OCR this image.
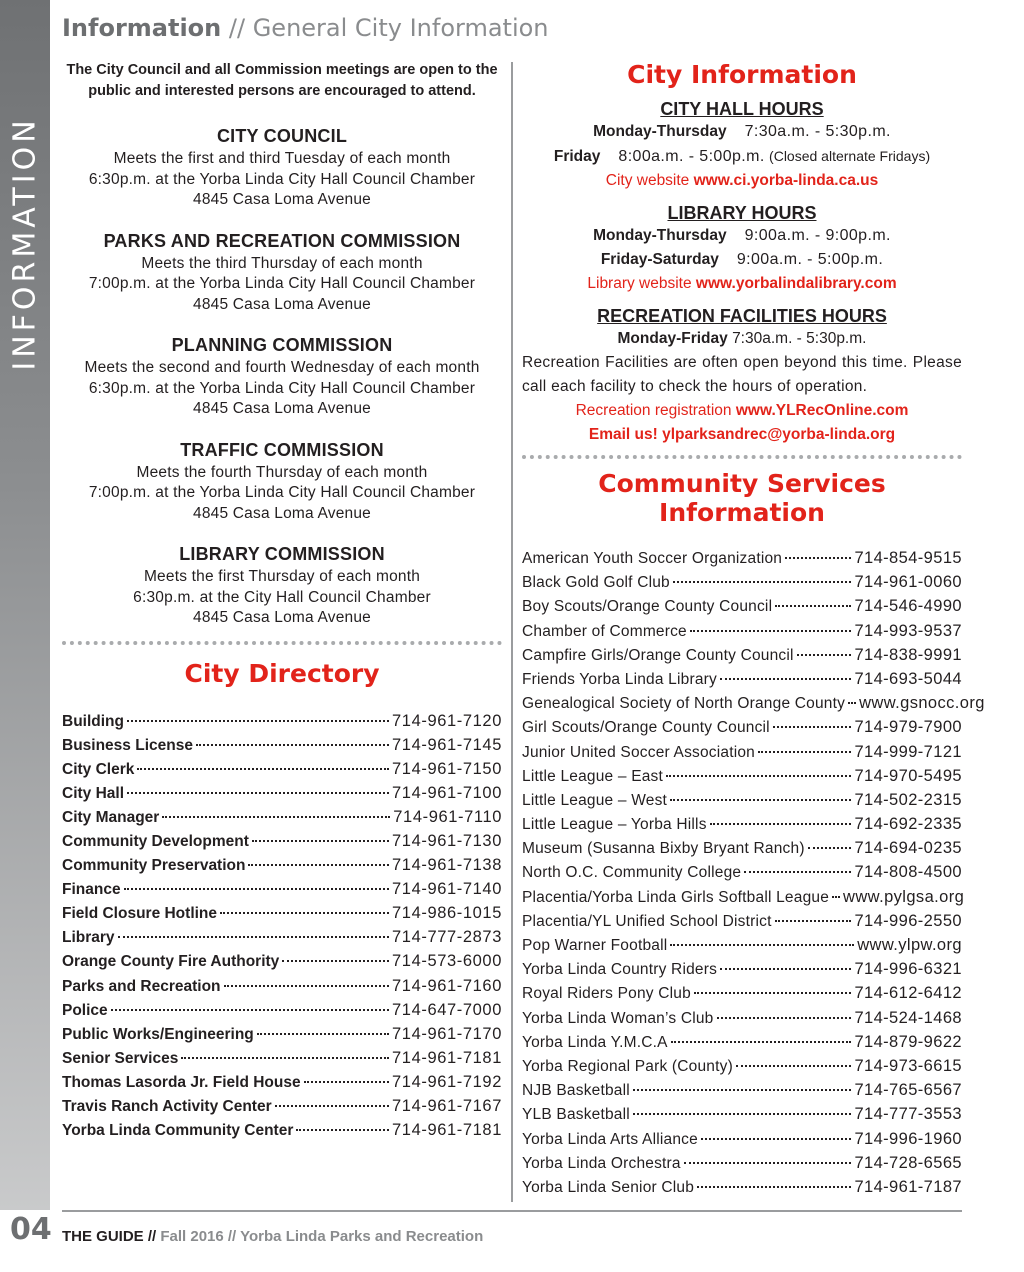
INFORMATION
Information // General City Information
The City Council and all Commission meetings are open to the public and interested persons are encouraged to attend.
CITY COUNCIL

Meets the first and third Tuesday of each month

6:30p.m. at the Yorba Linda City Hall Council Chamber

4845 Casa Loma Avenue

PARKS AND RECREATION COMMISSION

Meets the third Thursday of each month

7:00p.m. at the Yorba Linda City Hall Council Chamber

4845 Casa Loma Avenue

PLANNING COMMISSION

Meets the second and fourth Wednesday of each month

6:30p.m. at the Yorba Linda City Hall Council Chamber

4845 Casa Loma Avenue

TRAFFIC COMMISSION

Meets the fourth Thursday of each month

7:00p.m. at the Yorba Linda City Hall Council Chamber

4845 Casa Loma Avenue

LIBRARY COMMISSION

Meets the first Thursday of each month

6:30p.m. at the City Hall Council Chamber

4845 Casa Loma Avenue

City Directory
Building	714-961-7120
Business License	714-961-7145
City Clerk	714-961-7150
City Hall	714-961-7100
City Manager	714-961-7110
Community Development	714-961-7130
Community Preservation	714-961-7138
Finance	714-961-7140
Field Closure Hotline	714-986-1015
Library	714-777-2873
Orange County Fire Authority	714-573-6000
Parks and Recreation	714-961-7160
Police	714-647-7000
Public Works/Engineering	714-961-7170
Senior Services	714-961-7181
Thomas Lasorda Jr. Field House	714-961-7192
Travis Ranch Activity Center	714-961-7167
Yorba Linda Community Center	714-961-7181
City Information
CITY HALL HOURS
Monday-Thursday 7:30a.m. - 5:30p.m.
Friday 8:00a.m. - 5:00p.m. (Closed alternate Fridays)
City website www.ci.yorba-linda.ca.us
LIBRARY HOURS
Monday-Thursday 9:00a.m. - 9:00p.m.
Friday-Saturday 9:00a.m. - 5:00p.m.
Library website www.yorbalindalibrary.com
RECREATION FACILITIES HOURS
Monday-Friday 7:30a.m. - 5:30p.m.
Recreation Facilities are often open beyond this time. Please call each facility to check the hours of operation.
Recreation registration www.YLRecOnline.com
Email us! ylparksandrec@yorba-linda.org
Community Services Information
American Youth Soccer Organization	714-854-9515
Black Gold Golf Club	714-961-0060
Boy Scouts/Orange County Council	714-546-4990
Chamber of Commerce	714-993-9537
Campfire Girls/Orange County Council	714-838-9991
Friends Yorba Linda Library	714-693-5044
Genealogical Society of North Orange County www.gsnocc.org
Girl Scouts/Orange County Council	714-979-7900
Junior United Soccer Association	714-999-7121
Little League – East	714-970-5495
Little League – West	714-502-2315
Little League – Yorba Hills	714-692-2335
Museum (Susanna Bixby Bryant Ranch)	714-694-0235
North O.C. Community College	714-808-4500
Placentia/Yorba Linda Girls Softball League www.pylgsa.org
Placentia/YL Unified School District	714-996-2550
Pop Warner Football	www.ylpw.org
Yorba Linda Country Riders	714-996-6321
Royal Riders Pony Club	714-612-6412
Yorba Linda Woman’s Club	714-524-1468
Yorba Linda Y.M.C.A	714-879-9622
Yorba Regional Park (County)	714-973-6615
NJB Basketball	714-765-6567
YLB Basketball	714-777-3553
Yorba Linda Arts Alliance	714-996-1960
Yorba Linda Orchestra	714-728-6565
Yorba Linda Senior Club	714-961-7187
04 THE GUIDE // Fall 2016 // Yorba Linda Parks and Recreation
